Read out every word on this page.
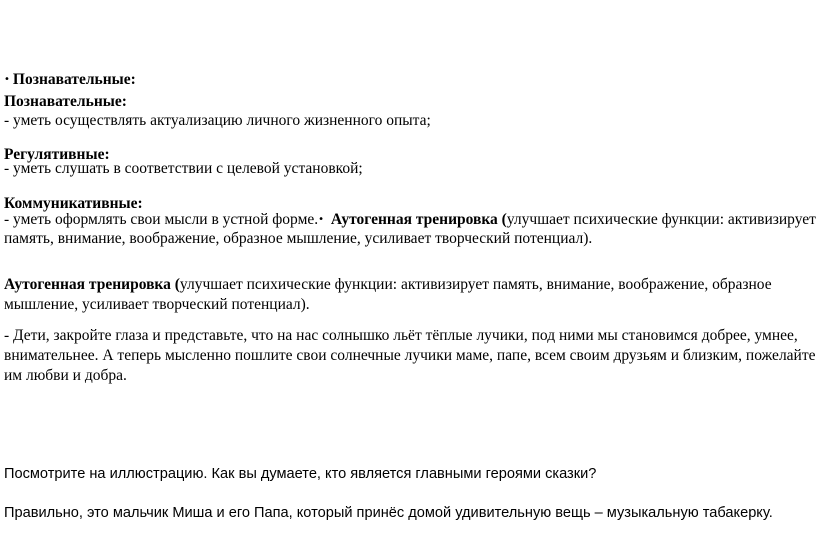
• Познавательные:
Познавательные:
- уметь осуществлять актуализацию личного жизненного опыта;
Регулятивные:
- уметь слушать в соответствии с целевой установкой;
Коммуникативные:
- уметь оформлять свои мысли в устной форме.• Аутогенная тренировка (улучшает психические функции: активизирует
память, внимание, воображение, образное мышление, усиливает творческий потенциал).
Аутогенная тренировка (улучшает психические функции: активизирует память, внимание, воображение, образное
мышление, усиливает творческий потенциал).
- Дети, закройте глаза и представьте, что на нас солнышко льёт тёплые лучики, под ними мы становимся добрее, умнее,
внимательнее. А теперь мысленно пошлите свои солнечные лучики маме, папе, всем своим друзьям и близким, пожелайте
им любви и добра.
Посмотрите на иллюстрацию. Как вы думаете, кто является главными героями сказки?
Правильно, это мальчик Миша и его Папа, который принёс домой удивительную вещь – музыкальную табакерку.
